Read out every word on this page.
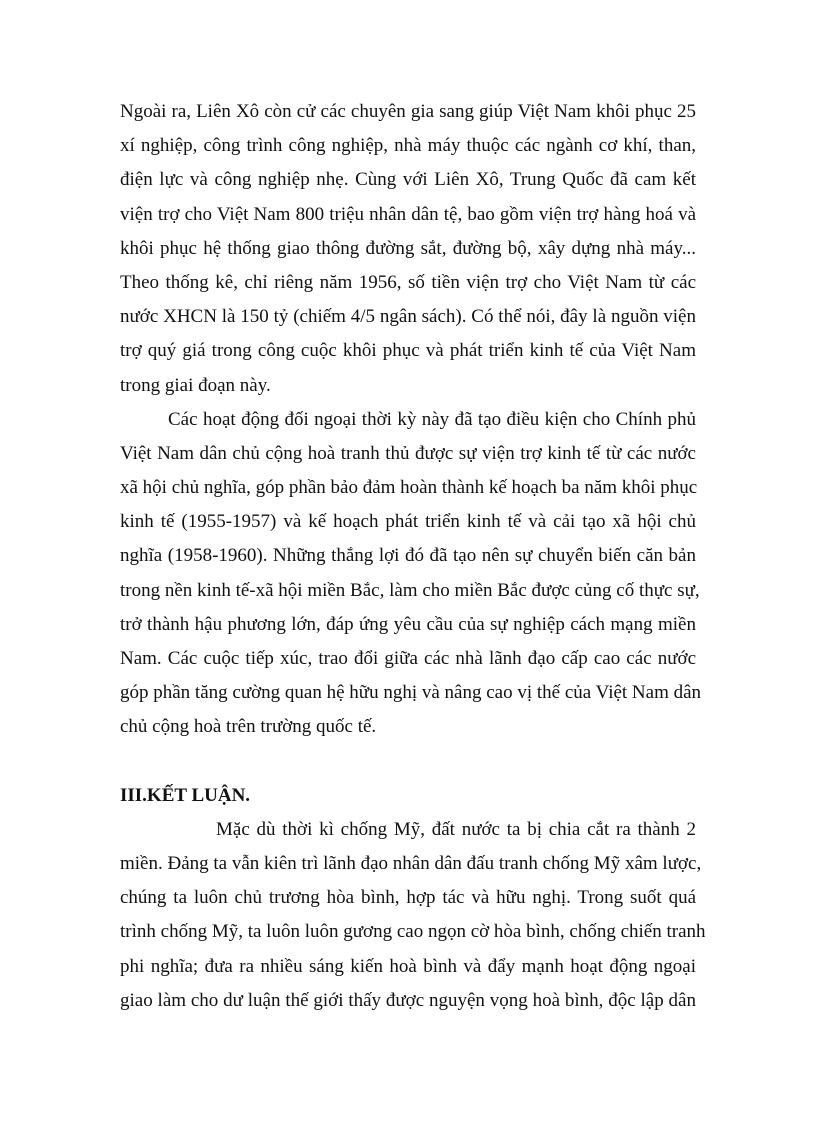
Ngoài ra, Liên Xô còn cử các chuyên gia sang giúp Việt Nam khôi phục 25
xí nghiệp, công trình công nghiệp, nhà máy thuộc các ngành cơ khí, than,
điện lực và công nghiệp nhẹ. Cùng với Liên Xô, Trung Quốc đã cam kết
viện trợ cho Việt Nam 800 triệu nhân dân tệ, bao gồm viện trợ hàng hoá và
khôi phục hệ thống giao thông đường sắt, đường bộ, xây dựng nhà máy...
Theo thống kê, chỉ riêng năm 1956, số tiền viện trợ cho Việt Nam từ các
nước XHCN là 150 tỷ (chiếm 4/5 ngân sách). Có thể nói, đây là nguồn viện
trợ quý giá trong công cuộc khôi phục và phát triển kinh tế của Việt Nam
trong giai đoạn này.
Các hoạt động đối ngoại thời kỳ này đã tạo điều kiện cho Chính phủ
Việt Nam dân chủ cộng hoà tranh thủ được sự viện trợ kinh tế từ các nước
xã hội chủ nghĩa, góp phần bảo đảm hoàn thành kế hoạch ba năm khôi phục
kinh tế (1955-1957) và kế hoạch phát triển kinh tế và cải tạo xã hội chủ
nghĩa (1958-1960). Những thắng lợi đó đã tạo nên sự chuyển biến căn bản
trong nền kinh tế-xã hội miền Bắc, làm cho miền Bắc được củng cố thực sự,
trở thành hậu phương lớn, đáp ứng yêu cầu của sự nghiệp cách mạng miền
Nam. Các cuộc tiếp xúc, trao đổi giữa các nhà lãnh đạo cấp cao các nước
góp phần tăng cường quan hệ hữu nghị và nâng cao vị thế của Việt Nam dân
chủ cộng hoà trên trường quốc tế.
III.KẾT LUẬN.
Mặc dù thời kì chống Mỹ, đất nước ta bị chia cắt ra thành 2
miền. Đảng ta vẫn kiên trì lãnh đạo nhân dân đấu tranh chống Mỹ xâm lược,
chúng ta luôn chủ trương hòa bình, hợp tác và hữu nghị. Trong suốt quá
trình chống Mỹ, ta luôn luôn gương cao ngọn cờ hòa bình, chống chiến tranh
phi nghĩa; đưa ra nhiều sáng kiến hoà bình và đẩy mạnh hoạt động ngoại
giao làm cho dư luận thế giới thấy được nguyện vọng hoà bình, độc lập dân
